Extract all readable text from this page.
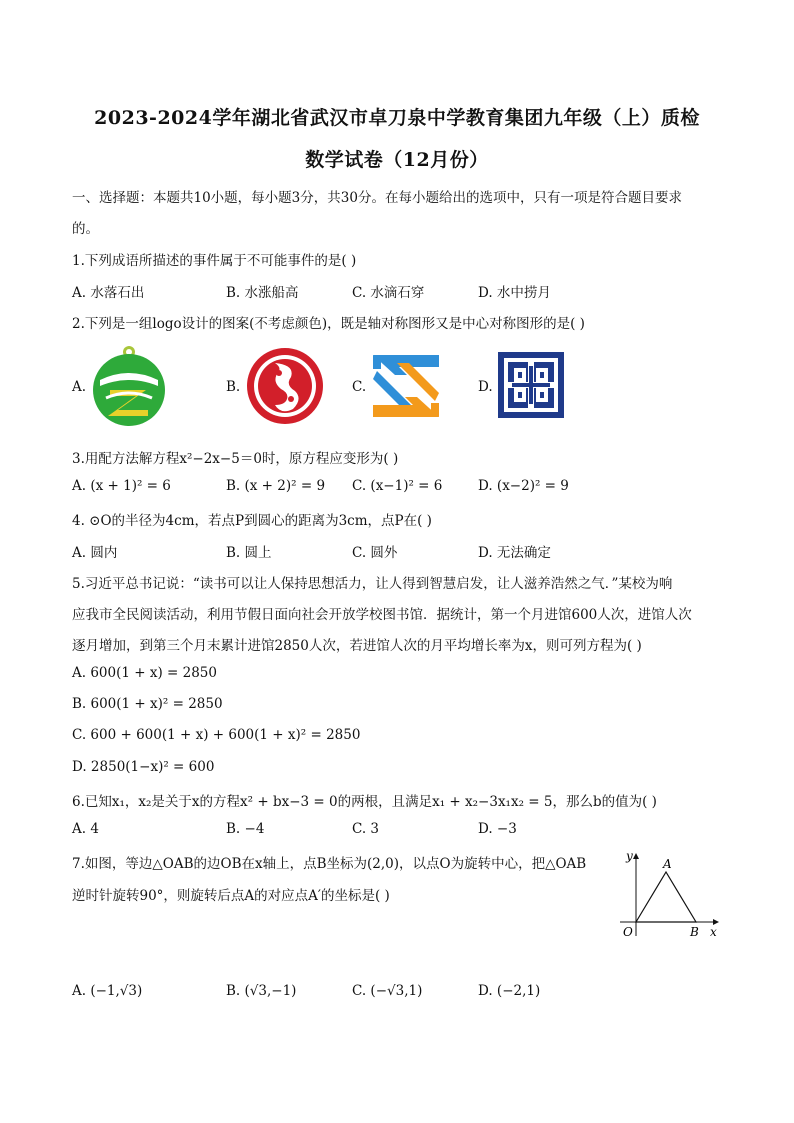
2023-2024学年湖北省武汉市卓刀泉中学教育集团九年级（上）质检
数学试卷（12月份）
一、选择题：本题共10小题，每小题3分，共30分。在每小题给出的选项中，只有一项是符合题目要求
的。
1.下列成语所描述的事件属于不可能事件的是( )
A. 水落石出	B. 水涨船高	C. 水滴石穿	D. 水中捞月
2.下列是一组logo设计的图案(不考虑颜色)，既是轴对称图形又是中心对称图形的是( )
A.	B.	C.	D.
3.用配方法解方程x²−2x−5＝0时，原方程应变形为( )
A. (x + 1)² = 6	B. (x + 2)² = 9 C. (x−1)² = 6	D. (x−2)² = 9
4. ⊙O的半径为4cm，若点P到圆心的距离为3cm，点P在( )
A. 圆内	B. 圆上	C. 圆外	D. 无法确定
5.习近平总书记说：“读书可以让人保持思想活力，让人得到智慧启发，让人滋养浩然之气．”某校为响
应我市全民阅读活动，利用节假日面向社会开放学校图书馆．据统计，第一个月进馆600人次，进馆人次
逐月增加，到第三个月末累计进馆2850人次，若进馆人次的月平均增长率为x，则可列方程为( )
A. 600(1 + x) = 2850
B. 600(1 + x)² = 2850
C. 600 + 600(1 + x) + 600(1 + x)² = 2850
D. 2850(1−x)² = 600
6.已知x₁，x₂是关于x的方程x² + bx−3 = 0的两根，且满足x₁ + x₂−3x₁x₂ = 5，那么b的值为( )
A. 4	B. −4	C. 3	D. −3
7.如图，等边△OAB的边OB在x轴上，点B坐标为(2,0)，以点O为旋转中心，把△OAB
逆时针旋转90°，则旋转后点A的对应点A′的坐标是( )
y
x
A
O	B
A. (−1,√3)	B. (√3,−1)	C. (−√3,1)	D. (−2,1)
